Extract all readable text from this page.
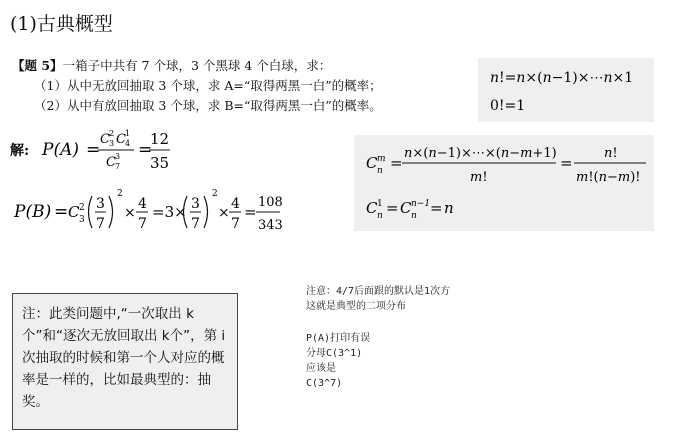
(1)古典概型
【题 5】一箱子中共有 7 个球，3 个黑球 4 个白球，求：
（1）从中无放回抽取 3 个球，求 A=“取得两黑一白”的概率；
（2）从中有放回抽取 3 个球，求 B=“取得两黑一白”的概率。
n!=n×(n−1)×⋯n×1
0!=1
C m
n =
n×(n−1)×⋯×(n−m+1)
m!
=
n!
m!(n−m)!
C 1
n = C n−1
n = n
解: P(A) =
C 2
3 C 1
4
C 3
7
=
12
35
P(B) = C 2
3
3
7
2
×
4
7
=3× 3
7
2
×
4
7
=
108
343
注：此类问题中,“一次取出 k个”和“逐次无放回取出 k个”，第 i次抽取的时候和第一个人对应的概率是一样的，比如最典型的：抽奖。
注意：4/7后面跟的默认是1次方
这就是典型的二项分布
P(A)打印有误
分母C(3^1)
应该是
C(3^7)
